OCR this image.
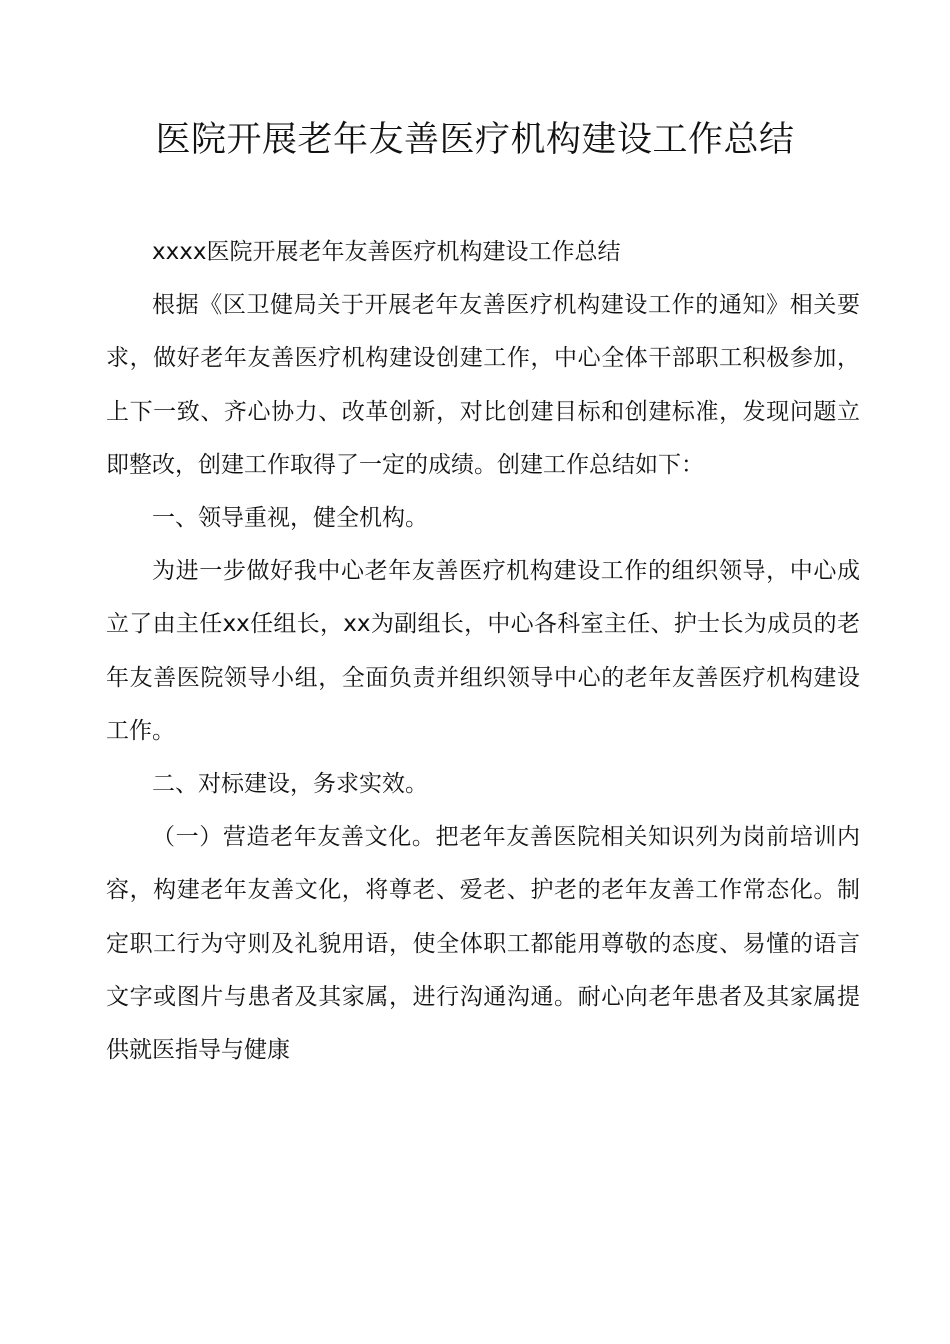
医院开展老年友善医疗机构建设工作总结

xxxx医院开展老年友善医疗机构建设工作总结

根据《区卫健局关于开展老年友善医疗机构建设工作的通知》相关要求，做好老年友善医疗机构建设创建工作，中心全体干部职工积极参加，上下一致、齐心协力、改革创新，对比创建目标和创建标准，发现问题立即整改，创建工作取得了一定的成绩。创建工作总结如下：

一、领导重视，健全机构。

为进一步做好我中心老年友善医疗机构建设工作的组织领导，中心成立了由主任xx任组长，xx为副组长，中心各科室主任、护士长为成员的老年友善医院领导小组，全面负责并组织领导中心的老年友善医疗机构建设工作。

二、对标建设，务求实效。

（一）营造老年友善文化。把老年友善医院相关知识列为岗前培训内容，构建老年友善文化，将尊老、爱老、护老的老年友善工作常态化。制定职工行为守则及礼貌用语，使全体职工都能用尊敬的态度、易懂的语言文字或图片与患者及其家属，进行沟通沟通。耐心向老年患者及其家属提供就医指导与健康
